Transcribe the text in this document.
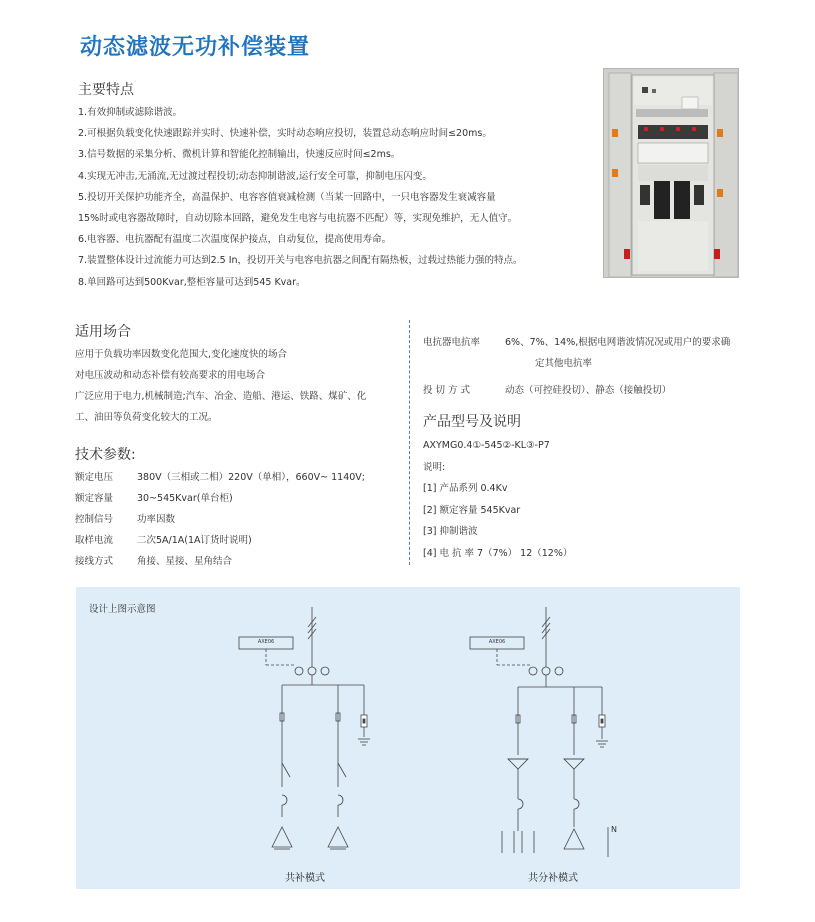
动态滤波无功补偿装置
主要特点
1.有效抑制或滤除谐波。
2.可根据负载变化快速跟踪并实时、快速补偿，实时动态响应投切，装置总动态响应时间≤20ms。
3.信号数据的采集分析、微机计算和智能化控制输出，快速反应时间≤2ms。
4.实现无冲击,无涌流,无过渡过程投切;动态抑制谐波,运行安全可靠，抑制电压闪变。
5.投切开关保护功能齐全，高温保护、电容容值衰减检测（当某一回路中，一只电容器发生衰减容量
15%时或电容器故障时，自动切除本回路，避免发生电容与电抗器不匹配）等，实现免维护，无人值守。
6.电容器、电抗器配有温度二次温度保护接点，自动复位，提高使用寿命。
7.装置整体设计过流能力可达到2.5 In，投切开关与电容电抗器之间配有隔热板，过载过热能力强的特点。
8.单回路可达到500Kvar,整柜容量可达到545 Kvar。
适用场合
应用于负载功率因数变化范围大,变化速度快的场合
对电压波动和动态补偿有较高要求的用电场合
广泛应用于电力,机械制造;汽车、冶金、造船、港运、铁路、煤矿、化
工、油田等负荷变化较大的工况。
技术参数:
额定电压	380V（三相或二相）220V（单相），660V~ 1140V;
额定容量	30~545Kvar(单台柜)
控制信号	功率因数
取样电流	二次5A/1A(1A订货时说明)
接线方式	角接、星接、星角结合
电抗器电抗率	6%、7%、14%,根据电网谐波情况况或用户的要求确
定其他电抗率
投 切 方 式	动态（可控硅投切）、静态（接触投切）
产品型号及说明
AXYMG0.4①-545②-KL③-P7
说明:
[1] 产品系列 0.4Kv
[2] 额定容量 545Kvar
[3] 抑制谐波
[4] 电 抗 率 7（7%） 12（12%）
设计上图示意图
AXE06	AXE06
N
共补模式	共分补模式
